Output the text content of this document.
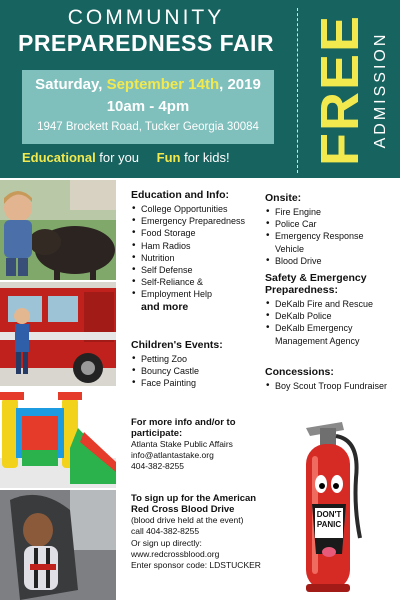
COMMUNITY
PREPAREDNESS FAIR
Saturday, September 14th, 2019
10am - 4pm
1947 Brockett Road, Tucker Georgia 30084
Educational for you Fun for kids!	FREE ADMISSION
Education and Info:
• College Opportunities
• Emergency Preparedness
• Food Storage
• Ham Radios
• Nutrition
• Self Defense
• Self-Reliance &
• Employment Help
and more
Children's Events:
• Petting Zoo
• Bouncy Castle
• Face Painting
Onsite:
• Fire Engine
• Police Car
• Emergency Response Vehicle
• Blood Drive
Safety & Emergency
Preparedness:
• DeKalb Fire and Rescue
• DeKalb Police
• DeKalb Emergency
Management Agency
Concessions:
• Boy Scout Troop Fundraiser
For more info and/or to
participate:
Atlanta Stake Public Affairs
info@atlantastake.org
404-382-8255
To sign up for the American
Red Cross Blood Drive
(blood drive held at the event)
call 404-382-8255
Or sign up directly:
www.redcrossblood.org
Enter sponsor code: LDSTUCKER
DON'T
PANIC
